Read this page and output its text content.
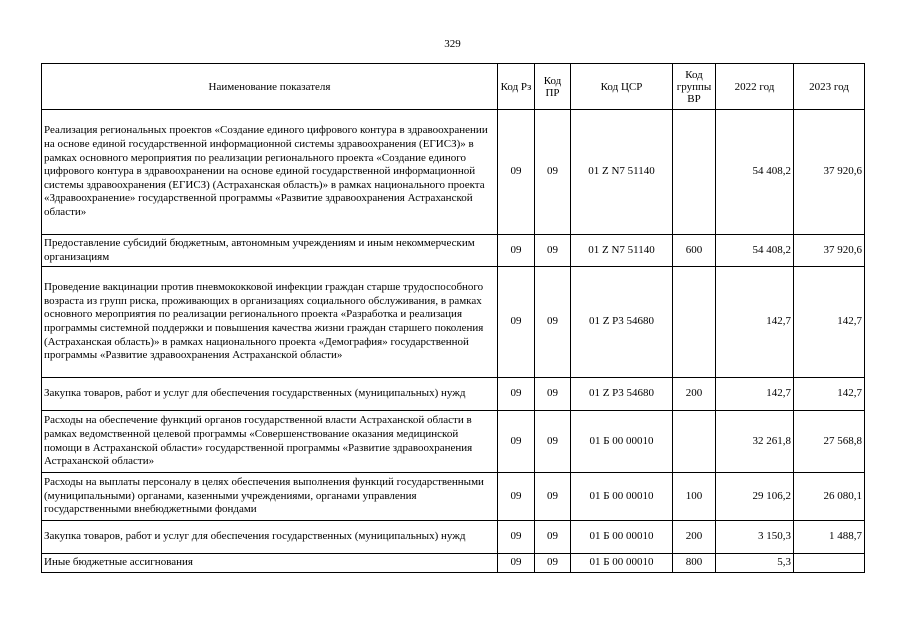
329
Наименование показателя	Код Рз	Код ПР	Код ЦСР	Код группы ВР	2022 год	2023 год
Реализация региональных проектов «Создание единого цифрового контура в здравоохранении на основе единой государственной информационной системы здравоохранения (ЕГИСЗ)» в рамках основного мероприятия по реализации регионального проекта «Создание единого цифрового контура в здравоохранении на основе единой государственной информационной системы здравоохранения (ЕГИСЗ) (Астраханская область)» в рамках национального проекта «Здравоохранение» государственной программы «Развитие здравоохранения Астраханской области»	09	09	01 Z N7 51140		54 408,2	37 920,6
Предоставление субсидий бюджетным, автономным учреждениям и иным некоммерческим организациям	09	09	01 Z N7 51140	600	54 408,2	37 920,6
Проведение вакцинации против пневмококковой инфекции граждан старше трудоспособного возраста из групп риска, проживающих в организациях социального обслуживания, в рамках основного мероприятия по реализации регионального проекта «Разработка и реализация программы системной поддержки и повышения качества жизни граждан старшего поколения (Астраханская область)» в рамках национального проекта «Демография» государственной программы «Развитие здравоохранения Астраханской области»	09	09	01 Z P3 54680		142,7	142,7
Закупка товаров, работ и услуг для обеспечения государственных (муниципальных) нужд	09	09	01 Z P3 54680	200	142,7	142,7
Расходы на обеспечение функций органов государственной власти Астраханской области в рамках ведомственной целевой программы «Совершенствование оказания медицинской помощи в Астраханской области» государственной программы «Развитие здравоохранения Астраханской области»	09	09	01 Б 00 00010		32 261,8	27 568,8
Расходы на выплаты персоналу в целях обеспечения выполнения функций государственными (муниципальными) органами, казенными учреждениями, органами управления государственными внебюджетными фондами	09	09	01 Б 00 00010	100	29 106,2	26 080,1
Закупка товаров, работ и услуг для обеспечения государственных (муниципальных) нужд	09	09	01 Б 00 00010	200	3 150,3	1 488,7
Иные бюджетные ассигнования	09	09	01 Б 00 00010	800	5,3	
